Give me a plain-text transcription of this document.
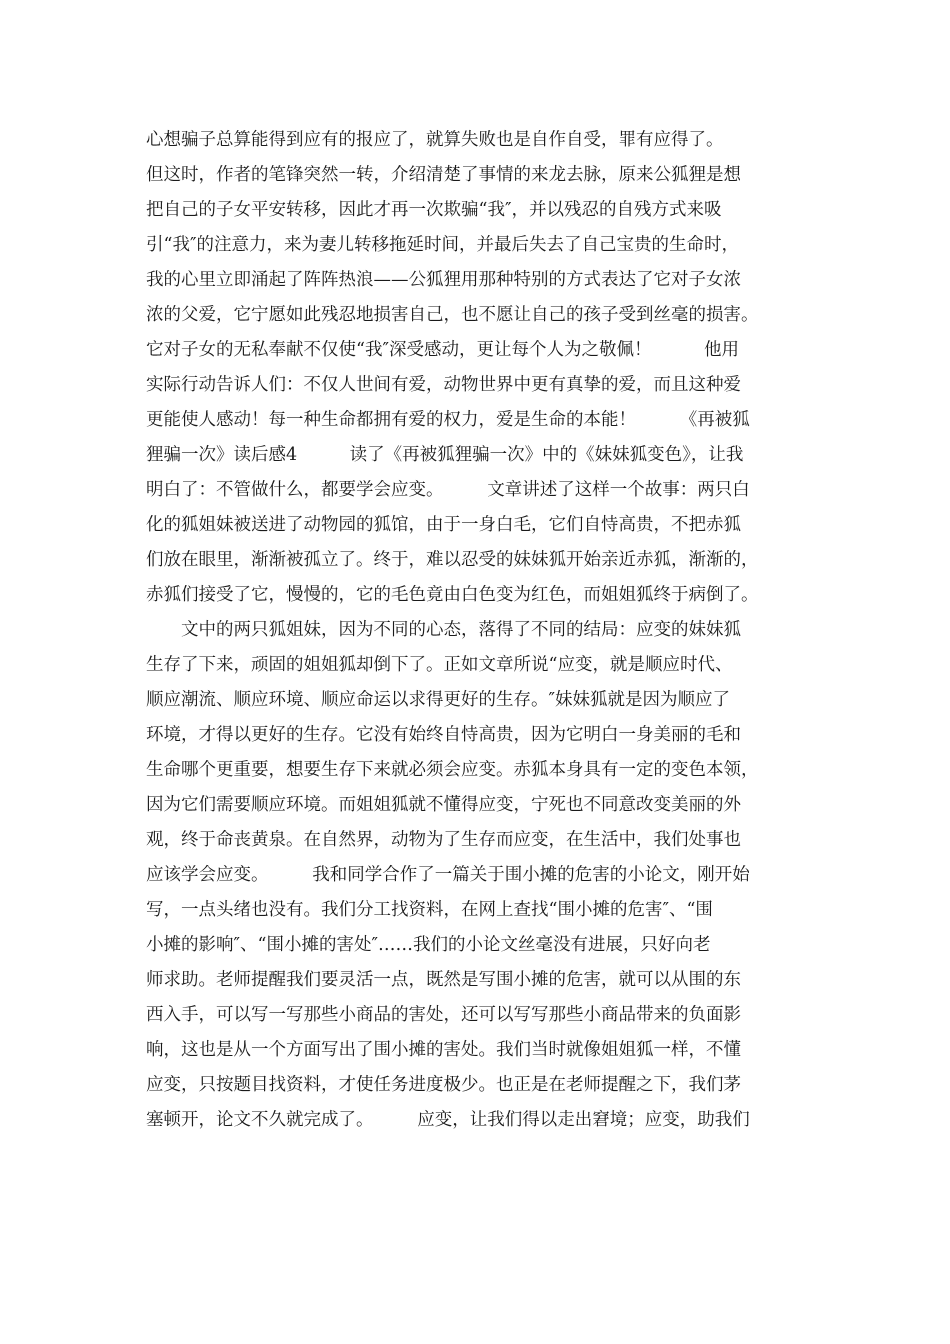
心想骗子总算能得到应有的报应了，就算失败也是自作自受，罪有应得了。
但这时，作者的笔锋突然一转，介绍清楚了事情的来龙去脉，原来公狐狸是想
把自己的子女平安转移，因此才再一次欺骗“我″，并以残忍的自残方式来吸
引“我″的注意力，来为妻儿转移拖延时间，并最后失去了自己宝贵的生命时，
我的心里立即涌起了阵阵热浪——公狐狸用那种特别的方式表达了它对子女浓
浓的父爱，它宁愿如此残忍地损害自己，也不愿让自己的孩子受到丝毫的损害。
它对子女的无私奉献不仅使“我″深受感动，更让每个人为之敬佩！　　　他用
实际行动告诉人们：不仅人世间有爱，动物世界中更有真挚的爱，而且这种爱
更能使人感动！每一种生命都拥有爱的权力，爱是生命的本能！　　　《再被狐
狸骗一次》读后感4　　　读了《再被狐狸骗一次》中的《妹妹狐变色》，让我
明白了：不管做什么，都要学会应变。　　　文章讲述了这样一个故事：两只白
化的狐姐妹被送进了动物园的狐馆，由于一身白毛，它们自恃高贵，不把赤狐
们放在眼里，渐渐被孤立了。终于，难以忍受的妹妹狐开始亲近赤狐，渐渐的，
赤狐们接受了它，慢慢的，它的毛色竟由白色变为红色，而姐姐狐终于病倒了。
　　文中的两只狐姐妹，因为不同的心态，落得了不同的结局：应变的妹妹狐
生存了下来，顽固的姐姐狐却倒下了。正如文章所说“应变，就是顺应时代、
顺应潮流、顺应环境、顺应命运以求得更好的生存。″妹妹狐就是因为顺应了
环境，才得以更好的生存。它没有始终自恃高贵，因为它明白一身美丽的毛和
生命哪个更重要，想要生存下来就必须会应变。赤狐本身具有一定的变色本领，
因为它们需要顺应环境。而姐姐狐就不懂得应变，宁死也不同意改变美丽的外
观，终于命丧黄泉。在自然界，动物为了生存而应变，在生活中，我们处事也
应该学会应变。　　　我和同学合作了一篇关于围小摊的危害的小论文，刚开始
写，一点头绪也没有。我们分工找资料，在网上查找“围小摊的危害″、“围
小摊的影响″、“围小摊的害处″……我们的小论文丝毫没有进展，只好向老
师求助。老师提醒我们要灵活一点，既然是写围小摊的危害，就可以从围的东
西入手，可以写一写那些小商品的害处，还可以写写那些小商品带来的负面影
响，这也是从一个方面写出了围小摊的害处。我们当时就像姐姐狐一样，不懂
应变，只按题目找资料，才使任务进度极少。也正是在老师提醒之下，我们茅
塞顿开，论文不久就完成了。　　　应变，让我们得以走出窘境；应变，助我们
